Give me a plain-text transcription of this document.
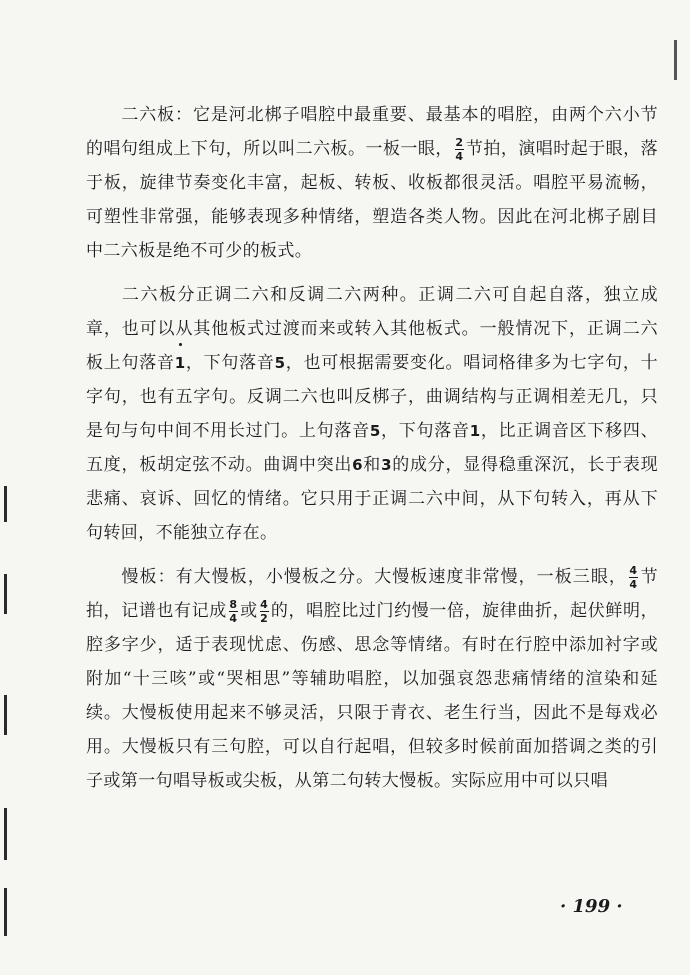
  二六板：它是河北梆子唱腔中最重要、最基本的唱腔，由两个六小节的唱句组成上下句，所以叫二六板。一板一眼， $\frac{2}{4}$ 节拍，演唱时起于眼，落于板，旋律节奏变化丰富，起板、转板、收板都很灵活。唱腔平易流畅，可塑性非常强，能够表现多种情绪，塑造各类人物。因此在河北梆子剧目中二六板是绝不可少的板式。

  二六板分正调二六和反调二六两种。正调二六可自起自落，独立成章，也可以从其他板式过渡而来或转入其他板式。一般情况下，正调二六板上句落音
1，下句落音5，也可根据需要变化。唱词格律多为七字句，十字句，也有五字句。反调二六也叫反梆子，曲调结构与正调相差无几，只是句与句中间不用长过门。上句落音5，下句落音1，比正调音区下移四、五度，板胡定弦不动。曲调中突出6和3的成分，显得稳重深沉，长于表现悲痛、哀诉、回忆的情绪。它只用于正调二六中间，从下句转入，再从下句转回，不能独立存在。

  慢板：有大慢板，小慢板之分。大慢板速度非常慢，一板三眼， $\frac{4}{4}$ 节拍，记谱也有记成 $\frac{8}{4}$ 或 $\frac{4}{2}$ 的，唱腔比过门约慢一倍，旋律曲折，起伏鲜明，腔多字少，适于表现忧虑、伤感、思念等情绪。有时在行腔中添加衬字或附加“十三咳”或“哭相思”等辅助唱腔，以加强哀怨悲痛情绪的渲染和延续。大慢板使用起来不够灵活，只限于青衣、老生行当，因此不是每戏必用。大慢板只有三句腔，可以自行起唱，但较多时候前面加搭调之类的引子或第一句唱导板或尖板，从第二句转大慢板。实际应用中可以只唱

· 199 ·
